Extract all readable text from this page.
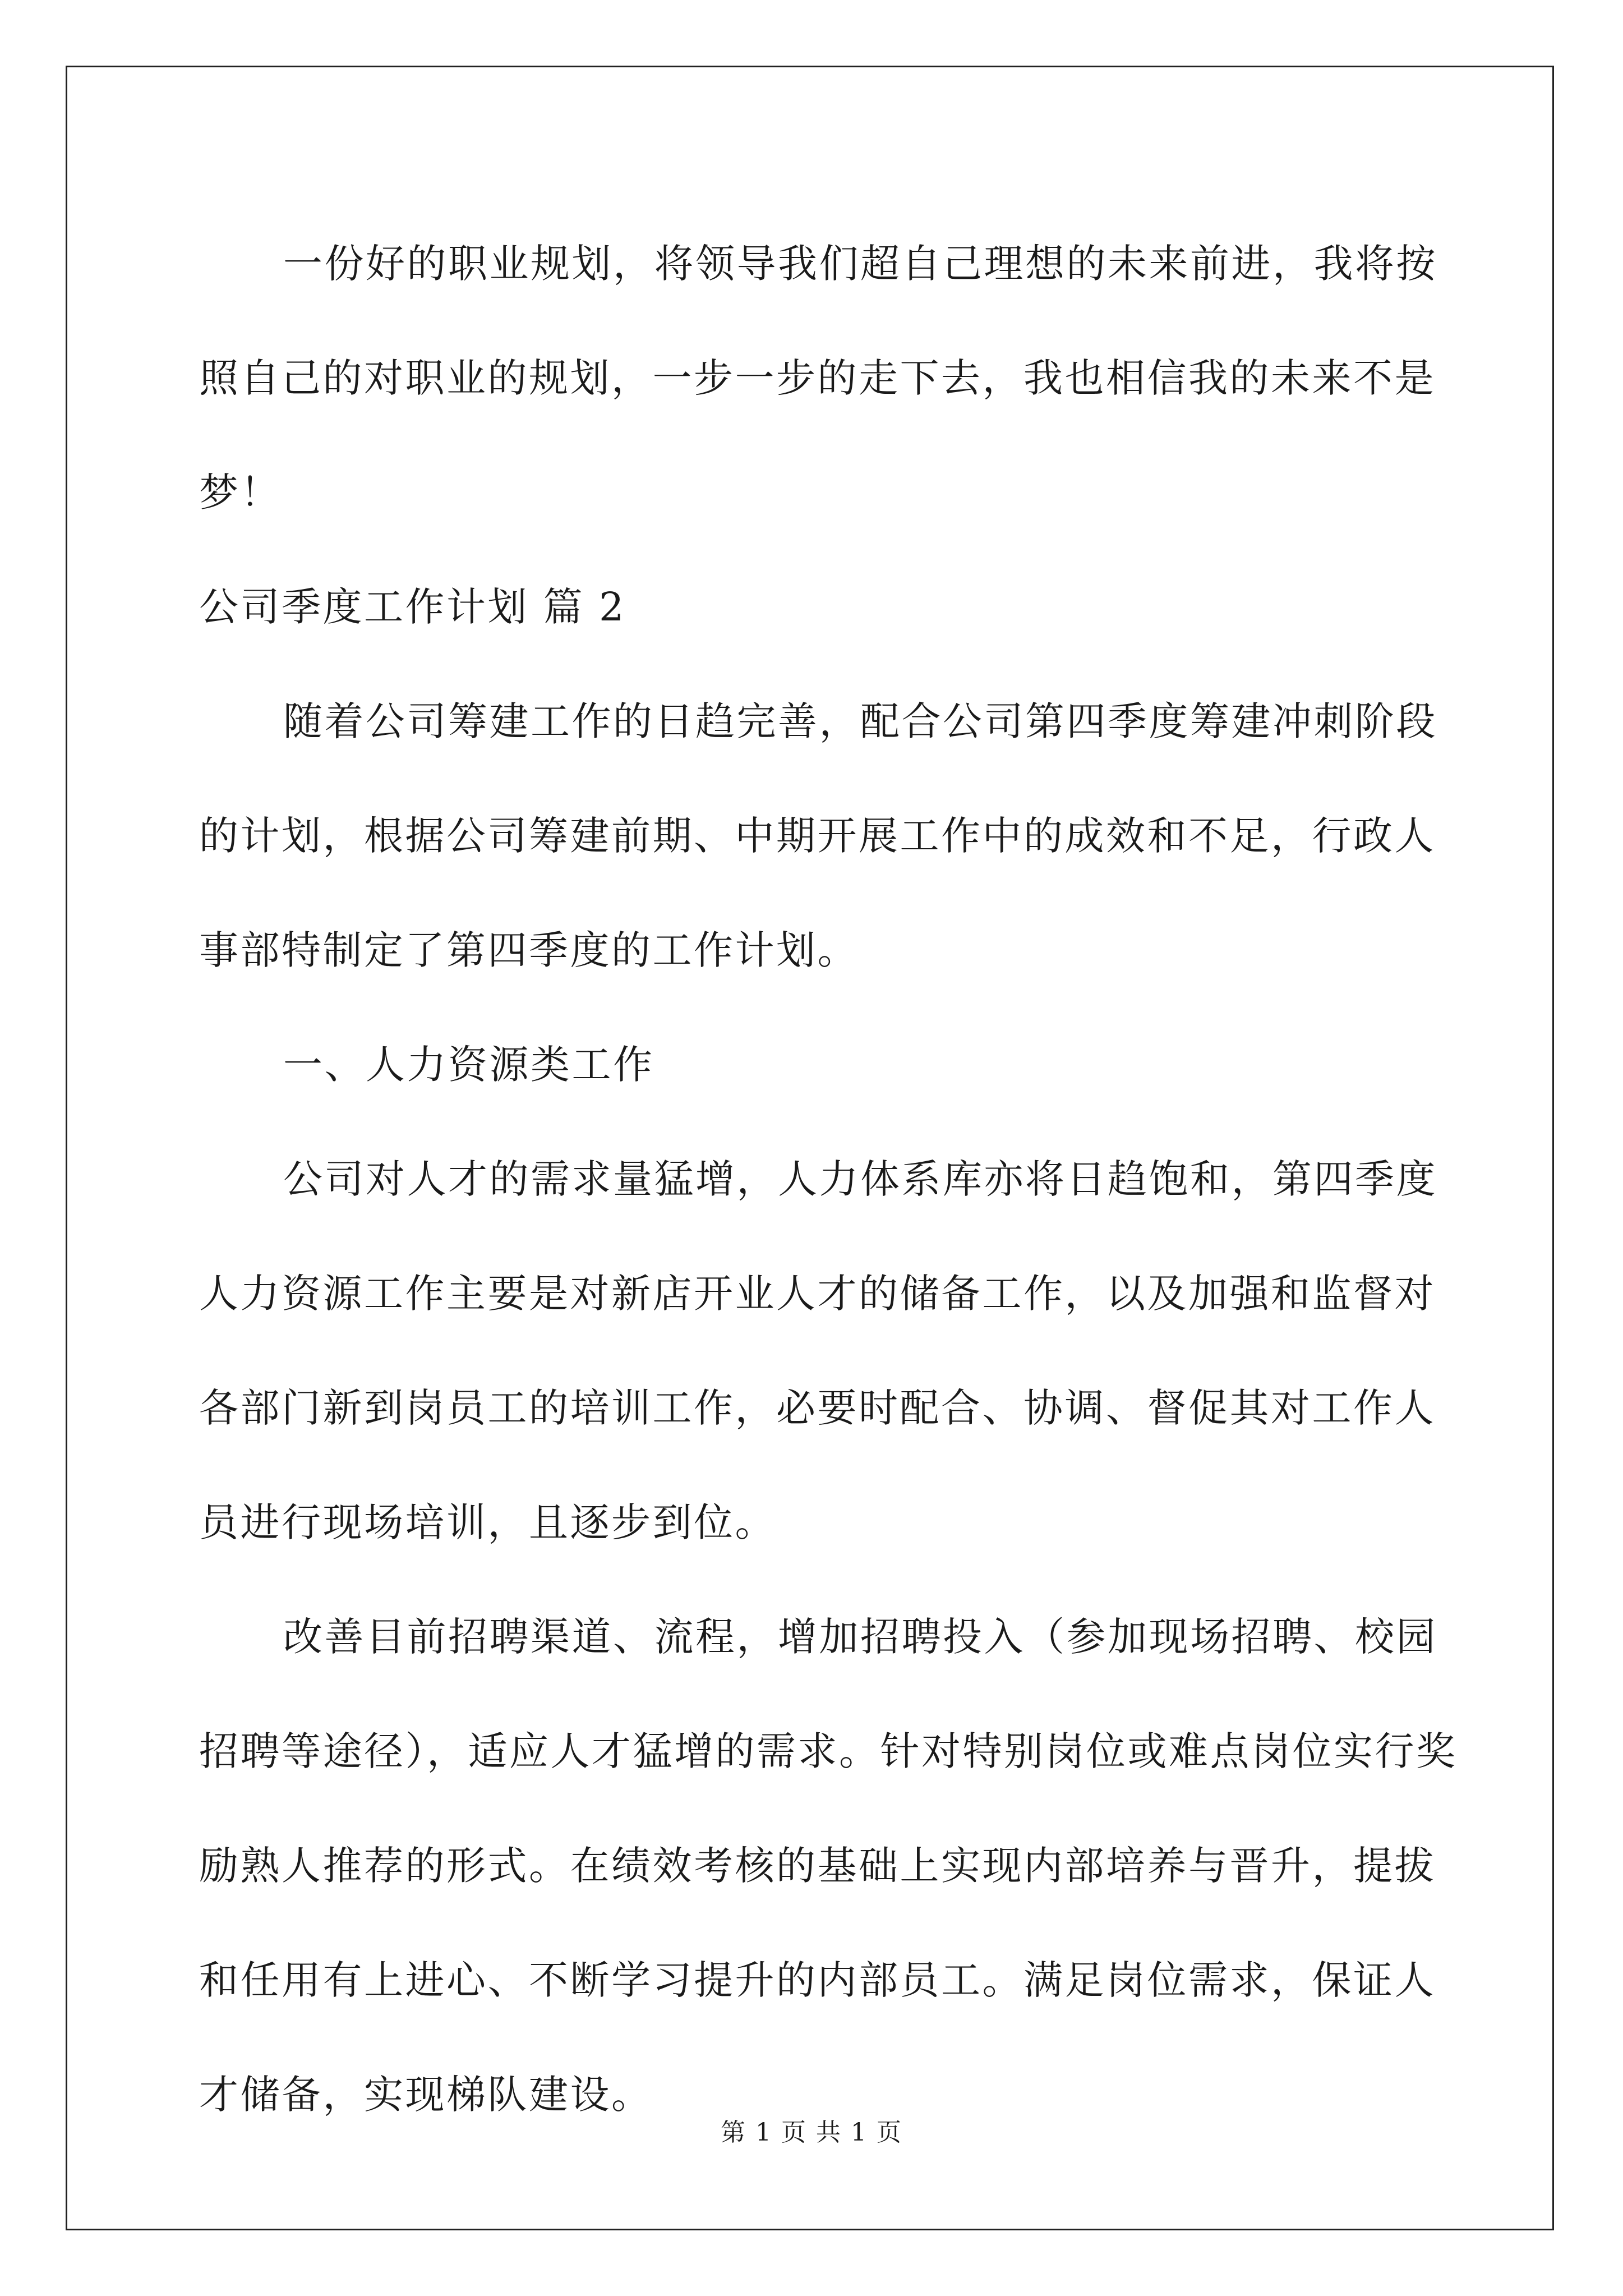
一份好的职业规划，将领导我们超自己理想的未来前进，我将按
照自己的对职业的规划，一步一步的走下去，我也相信我的未来不是
梦！
公司季度工作计划 篇 2
随着公司筹建工作的日趋完善，配合公司第四季度筹建冲刺阶段
的计划，根据公司筹建前期、中期开展工作中的成效和不足，行政人
事部特制定了第四季度的工作计划。
一、人力资源类工作
公司对人才的需求量猛增，人力体系库亦将日趋饱和，第四季度
人力资源工作主要是对新店开业人才的储备工作，以及加强和监督对
各部门新到岗员工的培训工作，必要时配合、协调、督促其对工作人
员进行现场培训，且逐步到位。
改善目前招聘渠道、流程，增加招聘投入（参加现场招聘、校园
招聘等途径），适应人才猛增的需求。针对特别岗位或难点岗位实行奖
励熟人推荐的形式。在绩效考核的基础上实现内部培养与晋升，提拔
和任用有上进心、不断学习提升的内部员工。满足岗位需求，保证人
才储备，实现梯队建设。
第 1 页 共 1 页
